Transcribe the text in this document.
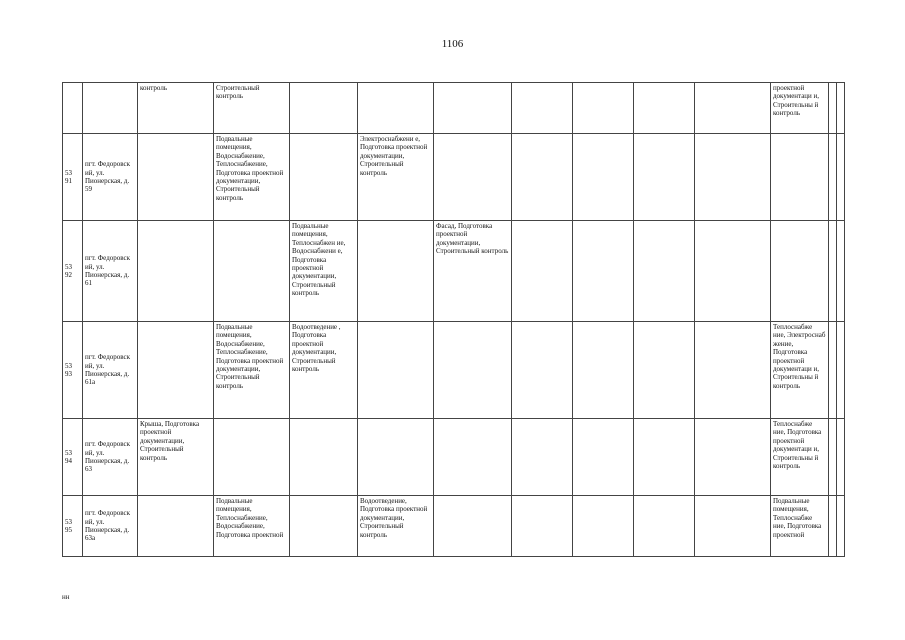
1106
		контроль	Строительный контроль								проектной документаци и, Строительны й контроль		
53 91	пгт. Федоровск ий, ул. Пионерская, д. 59		Подвальные помещения, Водоснабжение, Теплоснабжение, Подготовка проектной документации, Строительный контроль		Электроснабжени е, Подготовка проектной документации, Строительный контроль								
53 92	пгт. Федоровск ий, ул. Пионерская, д. 61			Подвальные помещения, Теплоснабжен ие, Водоснабжени е, Подготовка проектной документации, Строительный контроль		Фасад, Подготовка проектной документации, Строительный контроль							
53 93	пгт. Федоровск ий, ул. Пионерская, д. 61а		Подвальные помещения, Водоснабжение, Теплоснабжение, Подготовка проектной документации, Строительный контроль	Водоотведение , Подготовка проектной документации, Строительный контроль							Теплоснабже ние, Электроснаб жение, Подготовка проектной документаци и, Строительны й контроль		
53 94	пгт. Федоровск ий, ул. Пионерская, д. 63	Крыша, Подготовка проектной документации, Строительный контроль									Теплоснабже ние, Подготовка проектной документаци и, Строительны й контроль		
53 95	пгт. Федоровск ий, ул. Пионерская, д. 63а		Подвальные помещения, Теплоснабжение, Водоснабжение, Подготовка проектной		Водоотведение, Подготовка проектной документации, Строительный контроль						Подвальные помещения, Теплоснабже ние, Подготовка проектной		
нн
